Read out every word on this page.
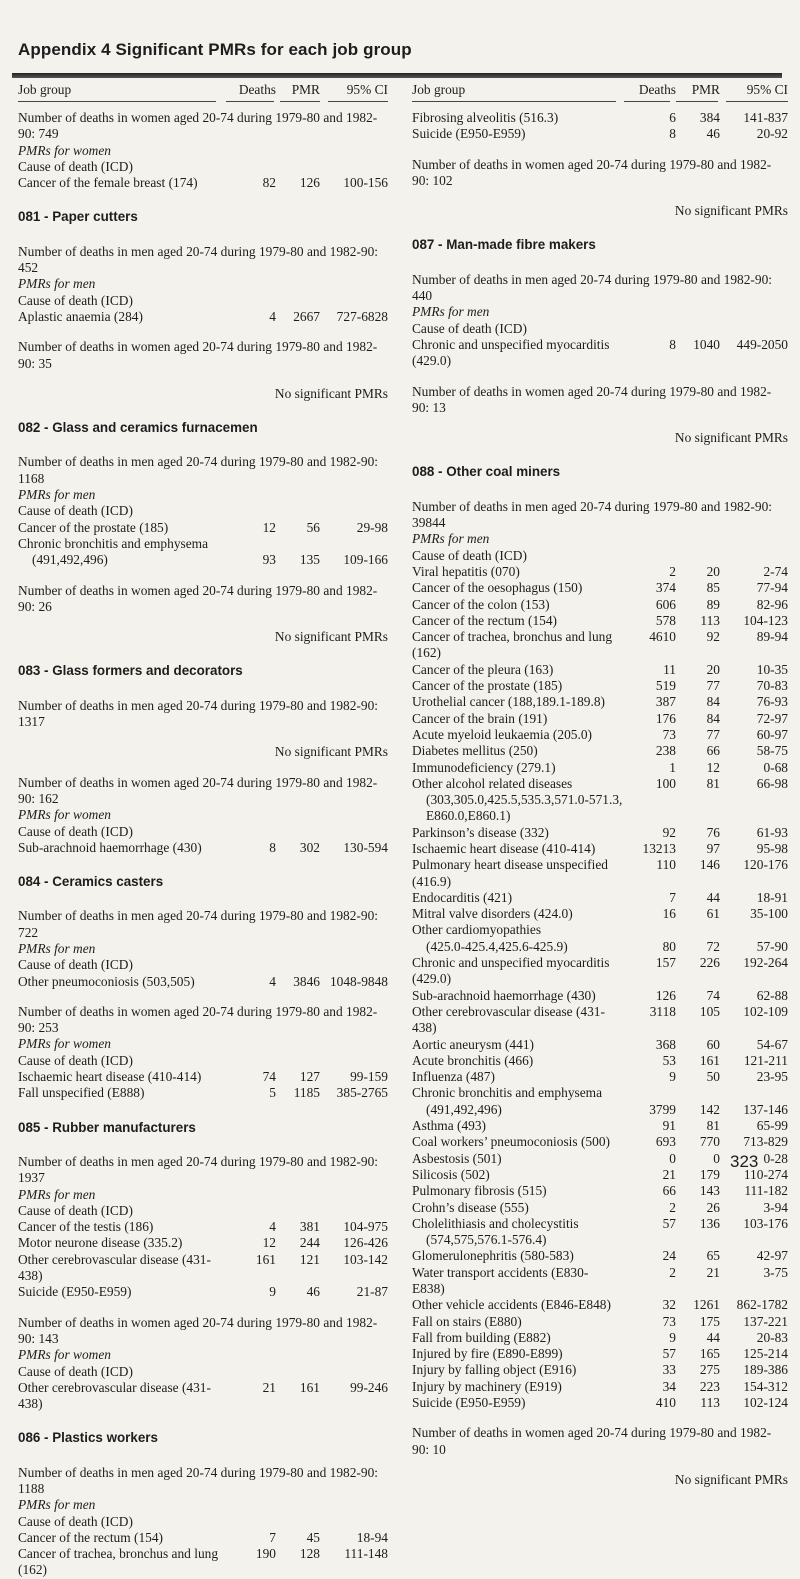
Appendix 4 Significant PMRs for each job group
Job group	Deaths	PMR	95% CI
Number of deaths in women aged 20-74 during 1979-80 and 1982-90: 749
PMRs for women
Cause of death (ICD)
Cancer of the female breast (174)	82	126	100-156
081 - Paper cutters
Number of deaths in men aged 20-74 during 1979-80 and 1982-90: 452
PMRs for men
Cause of death (ICD)
Aplastic anaemia (284)	4	2667	727-6828
Number of deaths in women aged 20-74 during 1979-80 and 1982-90: 35
No significant PMRs
082 - Glass and ceramics furnacemen
Number of deaths in men aged 20-74 during 1979-80 and 1982-90: 1168
PMRs for men
Cause of death (ICD)
Cancer of the prostate (185)	12	56	29-98
Chronic bronchitis and emphysema
(491,492,496)	93	135	109-166
Number of deaths in women aged 20-74 during 1979-80 and 1982-90: 26
No significant PMRs
083 - Glass formers and decorators
Number of deaths in men aged 20-74 during 1979-80 and 1982-90: 1317
No significant PMRs
Number of deaths in women aged 20-74 during 1979-80 and 1982-90: 162
PMRs for women
Cause of death (ICD)
Sub-arachnoid haemorrhage (430)	8	302	130-594
084 - Ceramics casters
Number of deaths in men aged 20-74 during 1979-80 and 1982-90: 722
PMRs for men
Cause of death (ICD)
Other pneumoconiosis (503,505)	4	3846 1048-9848
Number of deaths in women aged 20-74 during 1979-80 and 1982-90: 253
PMRs for women
Cause of death (ICD)
Ischaemic heart disease (410-414)	74	127	99-159
Fall unspecified (E888)	5	1185	385-2765
085 - Rubber manufacturers
Number of deaths in men aged 20-74 during 1979-80 and 1982-90: 1937
PMRs for men
Cause of death (ICD)
Cancer of the testis (186)	4	381	104-975
Motor neurone disease (335.2)	12	244	126-426
Other cerebrovascular disease (431-438)
161	121	103-142
Suicide (E950-E959)	9	46	21-87
Number of deaths in women aged 20-74 during 1979-80 and 1982-90: 143
PMRs for women
Cause of death (ICD)
Other cerebrovascular disease (431-438)
21	161	99-246
086 - Plastics workers
Number of deaths in men aged 20-74 during 1979-80 and 1982-90: 1188
PMRs for men
Cause of death (ICD)
Cancer of the rectum (154)	7	45	18-94
Cancer of trachea, bronchus and lung (162)
190	128	111-148
Job group	Deaths	PMR	95% CI
Fibrosing alveolitis (516.3)	6	384	141-837
Suicide (E950-E959)	8	46	20-92
Number of deaths in women aged 20-74 during 1979-80 and 1982-90: 102
No significant PMRs
087 - Man-made fibre makers
Number of deaths in men aged 20-74 during 1979-80 and 1982-90: 440
PMRs for men
Cause of death (ICD)
Chronic and unspecified myocarditis (429.0)
8	1040	449-2050
Number of deaths in women aged 20-74 during 1979-80 and 1982-90: 13
No significant PMRs
088 - Other coal miners
Number of deaths in men aged 20-74 during 1979-80 and 1982-90: 39844
PMRs for men
Cause of death (ICD)
Viral hepatitis (070)	2	20	2-74
Cancer of the oesophagus (150)	374	85	77-94
Cancer of the colon (153)	606	89	82-96
Cancer of the rectum (154)	578	113	104-123
Cancer of trachea, bronchus and lung (162)
4610	92	89-94
Cancer of the pleura (163)	11	20	10-35
Cancer of the prostate (185)	519	77	70-83
Urothelial cancer (188,189.1-189.8)	387	84	76-93
Cancer of the brain (191)	176	84	72-97
Acute myeloid leukaemia (205.0)	73	77	60-97
Diabetes mellitus (250)	238	66	58-75
Immunodeficiency (279.1)	1	12	0-68
Other alcohol related diseases	100	81	66-98
(303,305.0,425.5,535.3,571.0-571.3,
E860.0,E860.1)
Parkinson’s disease (332)	92	76	61-93
Ischaemic heart disease (410-414)	13213	97	95-98
Pulmonary heart disease unspecified (416.9)
110	146	120-176
Endocarditis (421)	7	44	18-91
Mitral valve disorders (424.0)	16	61	35-100
Other cardiomyopathies
(425.0-425.4,425.6-425.9)	80	72	57-90
Chronic and unspecified myocarditis (429.0)
157	226	192-264
Sub-arachnoid haemorrhage (430)	126	74	62-88
Other cerebrovascular disease (431-438)
3118	105	102-109
Aortic aneurysm (441)	368	60	54-67
Acute bronchitis (466)	53	161	121-211
Influenza (487)	9	50	23-95
Chronic bronchitis and emphysema
(491,492,496)	3799	142	137-146
Asthma (493)	91	81	65-99
Coal workers’ pneumoconiosis (500)	693	770	713-829
Asbestosis (501)	0	0	0-28
Silicosis (502)	21	179	110-274
Pulmonary fibrosis (515)	66	143	111-182
Crohn’s disease (555)	2	26	3-94
Cholelithiasis and cholecystitis	57	136	103-176
(574,575,576.1-576.4)
Glomerulonephritis (580-583)	24	65	42-97
Water transport accidents (E830-E838)
2	21	3-75
Other vehicle accidents (E846-E848)	32	1261	862-1782
Fall on stairs (E880)	73	175	137-221
Fall from building (E882)	9	44	20-83
Injured by fire (E890-E899)	57	165	125-214
Injury by falling object (E916)	33	275	189-386
Injury by machinery (E919)	34	223	154-312
Suicide (E950-E959)	410	113	102-124
Number of deaths in women aged 20-74 during 1979-80 and 1982-90: 10
No significant PMRs
323
